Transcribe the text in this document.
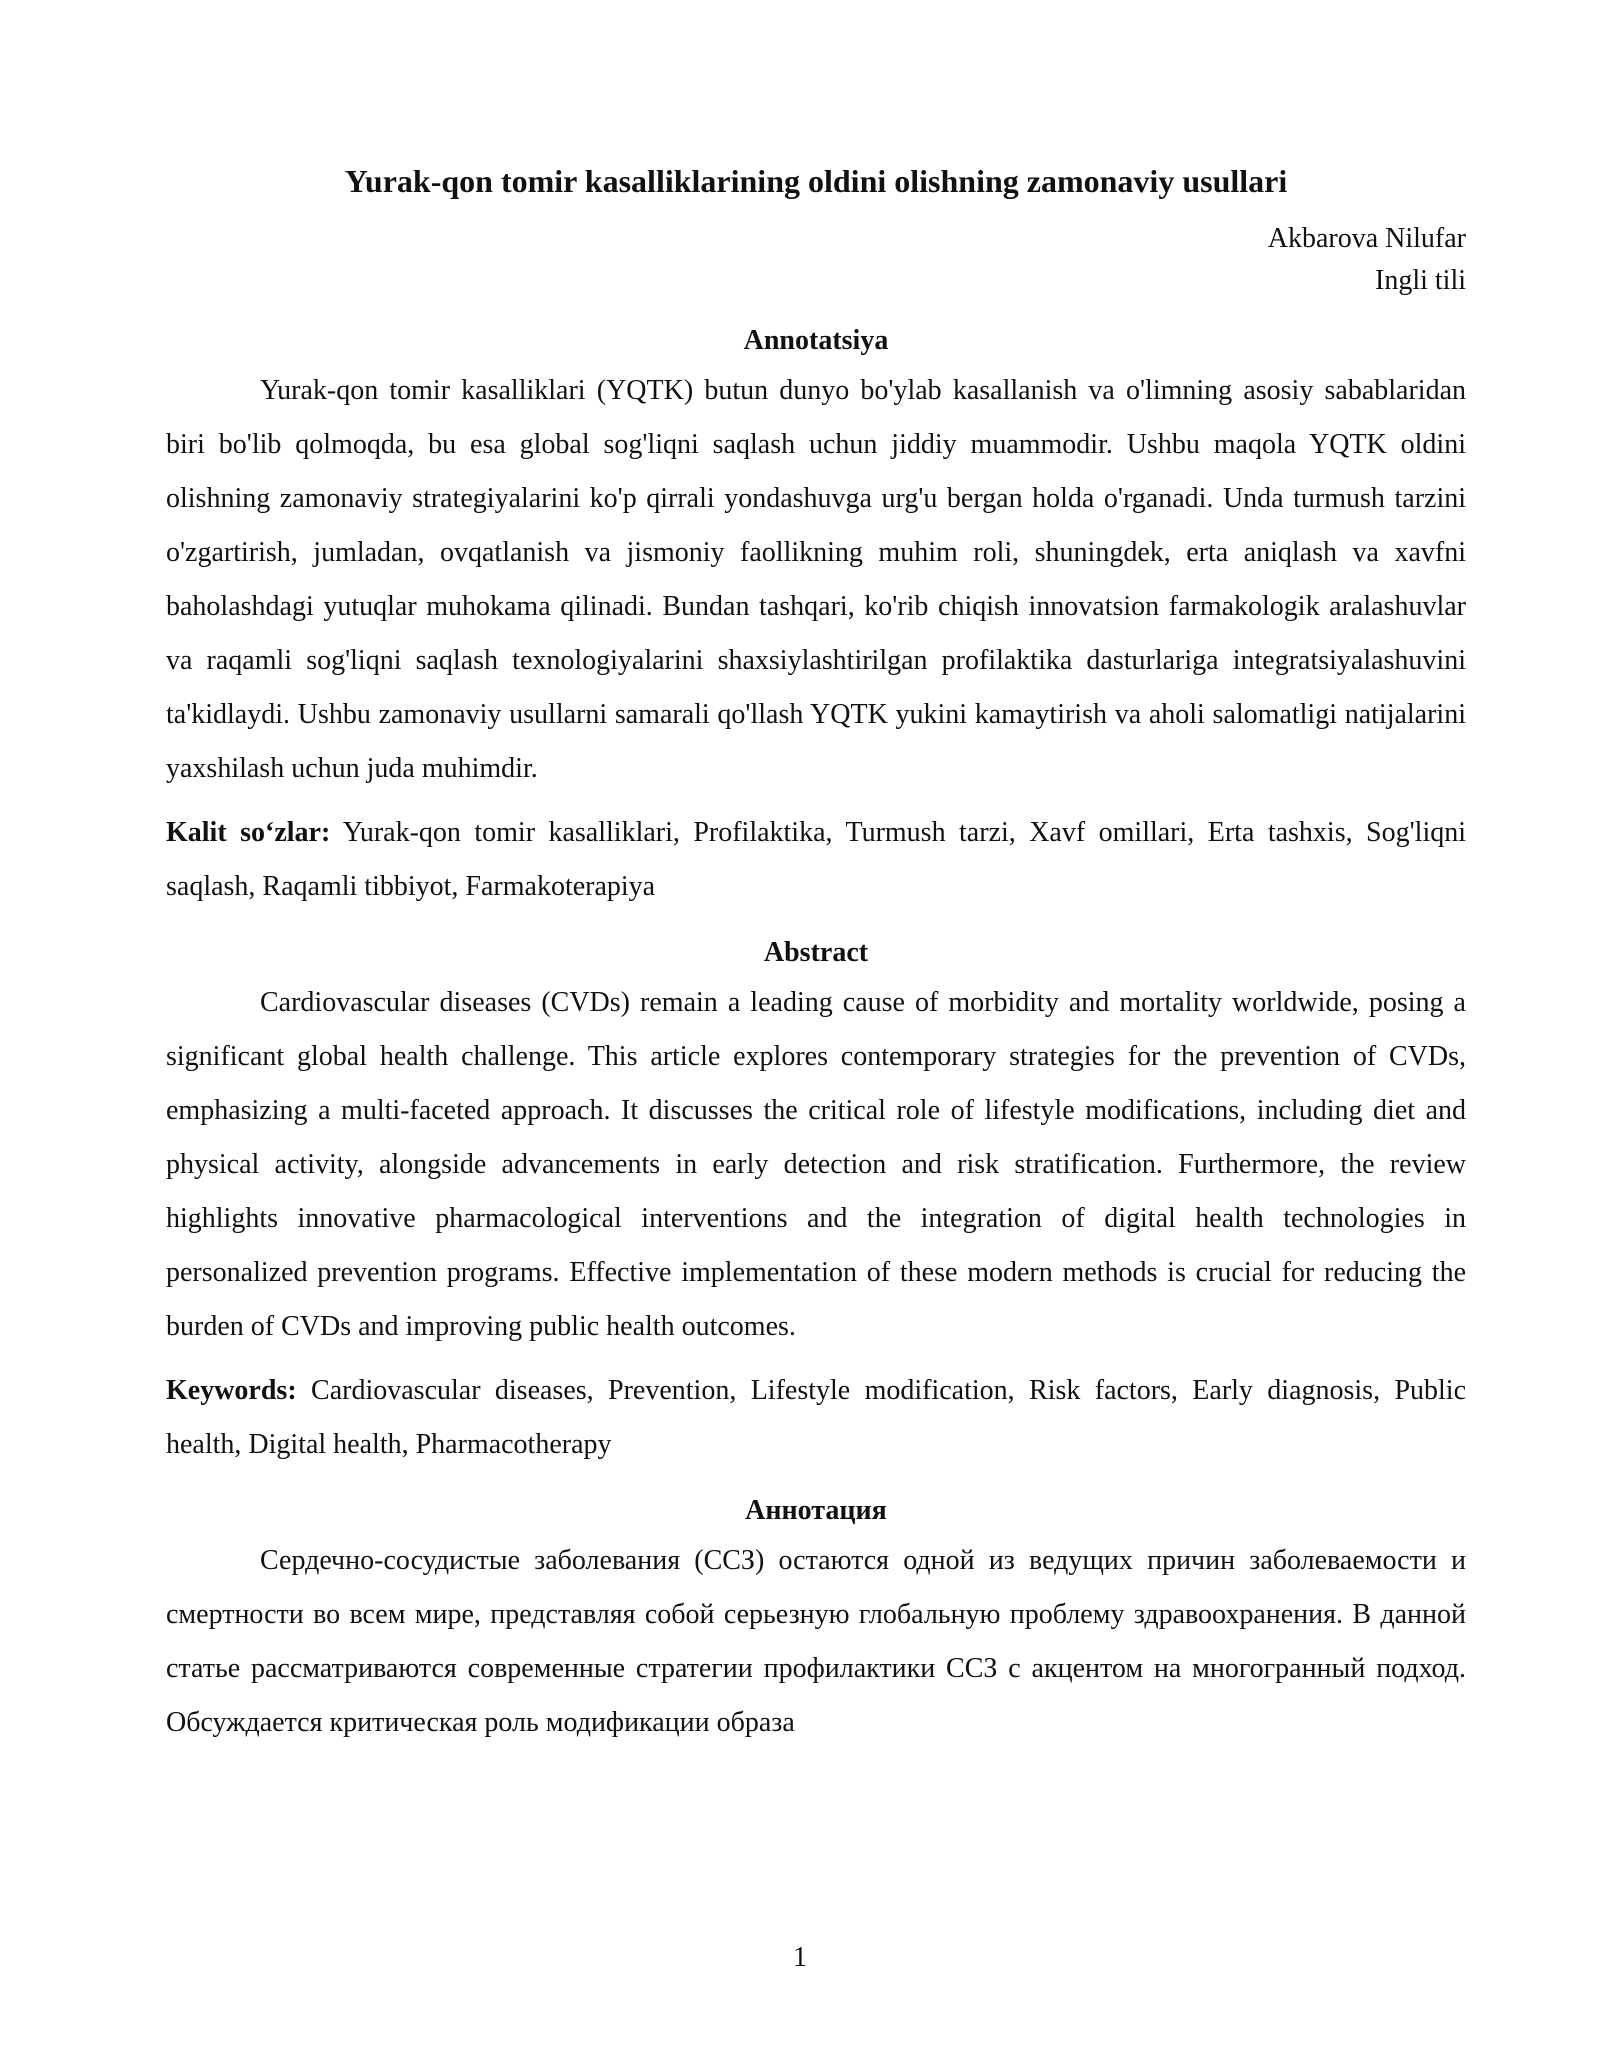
Yurak-qon tomir kasalliklarining oldini olishning zamonaviy usullari
Akbarova Nilufar
Ingli tili
Annotatsiya

Yurak-qon tomir kasalliklari (YQTK) butun dunyo bo'ylab kasallanish va o'limning asosiy sabablaridan biri bo'lib qolmoqda, bu esa global sog'liqni saqlash uchun jiddiy muammodir. Ushbu maqola YQTK oldini olishning zamonaviy strategiyalarini ko'p qirrali yondashuvga urg'u bergan holda o'rganadi. Unda turmush tarzini o'zgartirish, jumladan, ovqatlanish va jismoniy faollikning muhim roli, shuningdek, erta aniqlash va xavfni baholashdagi yutuqlar muhokama qilinadi. Bundan tashqari, ko'rib chiqish innovatsion farmakologik aralashuvlar va raqamli sog'liqni saqlash texnologiyalarini shaxsiylashtirilgan profilaktika dasturlariga integratsiyalashuvini ta'kidlaydi. Ushbu zamonaviy usullarni samarali qo'llash YQTK yukini kamaytirish va aholi salomatligi natijalarini yaxshilash uchun juda muhimdir.

Kalit so‘zlar: Yurak-qon tomir kasalliklari, Profilaktika, Turmush tarzi, Xavf omillari, Erta tashxis, Sog'liqni saqlash, Raqamli tibbiyot, Farmakoterapiya

Abstract

Cardiovascular diseases (CVDs) remain a leading cause of morbidity and mortality worldwide, posing a significant global health challenge. This article explores contemporary strategies for the prevention of CVDs, emphasizing a multi-faceted approach. It discusses the critical role of lifestyle modifications, including diet and physical activity, alongside advancements in early detection and risk stratification. Furthermore, the review highlights innovative pharmacological interventions and the integration of digital health technologies in personalized prevention programs. Effective implementation of these modern methods is crucial for reducing the burden of CVDs and improving public health outcomes.

Keywords: Cardiovascular diseases, Prevention, Lifestyle modification, Risk factors, Early diagnosis, Public health, Digital health, Pharmacotherapy

Аннотация

Сердечно-сосудистые заболевания (ССЗ) остаются одной из ведущих причин заболеваемости и смертности во всем мире, представляя собой серьезную глобальную проблему здравоохранения. В данной статье рассматриваются современные стратегии профилактики ССЗ с акцентом на многогранный подход. Обсуждается критическая роль модификации образа

1
